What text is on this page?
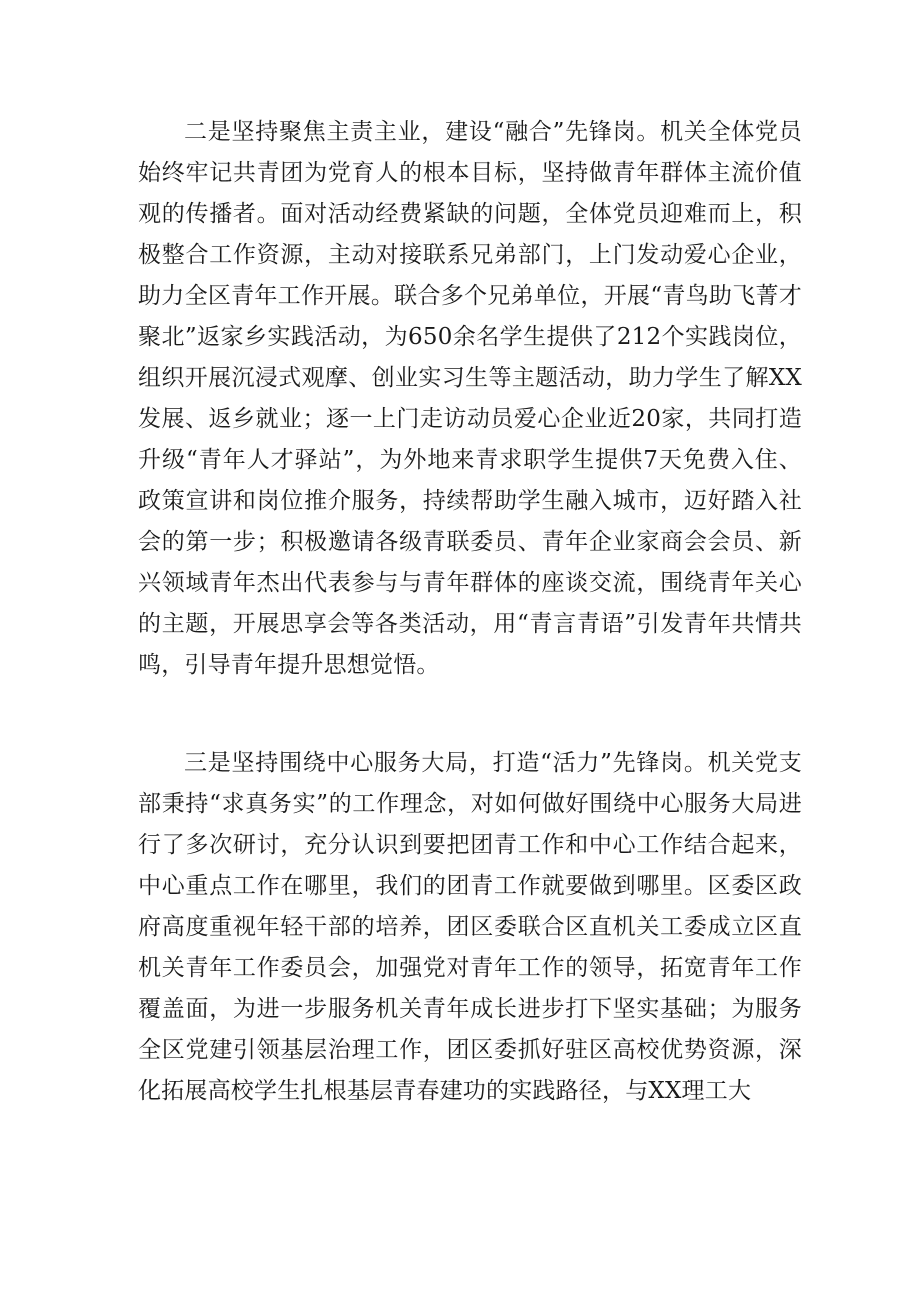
二是坚持聚焦主责主业，建设“融合”先锋岗。机关全体党员始终牢记共青团为党育人的根本目标，坚持做青年群体主流价值观的传播者。面对活动经费紧缺的问题，全体党员迎难而上，积极整合工作资源，主动对接联系兄弟部门，上门发动爱心企业，助力全区青年工作开展。联合多个兄弟单位，开展“青鸟助飞菁才聚北”返家乡实践活动，为650余名学生提供了212个实践岗位，组织开展沉浸式观摩、创业实习生等主题活动，助力学生了解XX发展、返乡就业；逐一上门走访动员爱心企业近20家，共同打造升级“青年人才驿站”，为外地来青求职学生提供7天免费入住、政策宣讲和岗位推介服务，持续帮助学生融入城市，迈好踏入社会的第一步；积极邀请各级青联委员、青年企业家商会会员、新兴领域青年杰出代表参与与青年群体的座谈交流，围绕青年关心的主题，开展思享会等各类活动，用“青言青语”引发青年共情共鸣，引导青年提升思想觉悟。

三是坚持围绕中心服务大局，打造“活力”先锋岗。机关党支部秉持“求真务实”的工作理念，对如何做好围绕中心服务大局进行了多次研讨，充分认识到要把团青工作和中心工作结合起来，中心重点工作在哪里，我们的团青工作就要做到哪里。区委区政府高度重视年轻干部的培养，团区委联合区直机关工委成立区直机关青年工作委员会，加强党对青年工作的领导，拓宽青年工作覆盖面，为进一步服务机关青年成长进步打下坚实基础；为服务全区党建引领基层治理工作，团区委抓好驻区高校优势资源，深化拓展高校学生扎根基层青春建功的实践路径，与XX理工大
